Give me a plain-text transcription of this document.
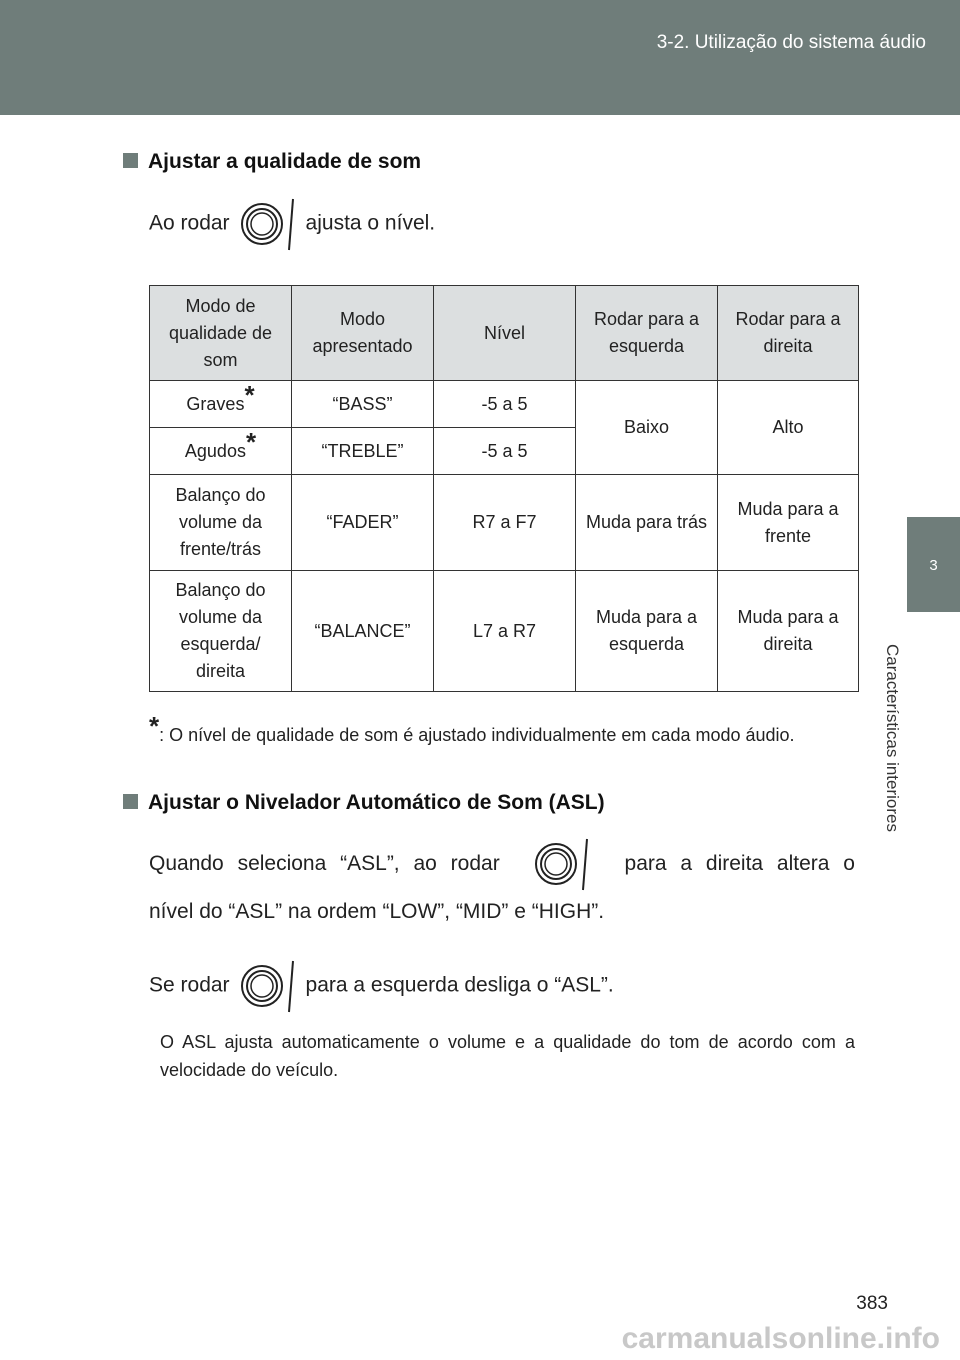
3-2. Utilização do sistema áudio
3
Características interiores
Ajustar a qualidade de som
Ao rodar	ajusta o nível.
Modo de qualidade de som	Modo apresentado	Nível	Rodar para a esquerda	Rodar para a direita
Graves*	“BASS”	-5 a 5	Baixo	Alto
Agudos*	“TREBLE”	-5 a 5		
Balanço do volume da frente/trás	“FADER”	R7 a F7	Muda para trás	Muda para a frente
Balanço do volume da esquerda/ direita	“BALANCE”	L7 a R7	Muda para a esquerda	Muda para a direita
*: O nível de qualidade de som é ajustado individualmente em cada modo áudio.
Ajustar o Nivelador Automático de Som (ASL)
Quando seleciona “ASL”, ao rodar	para a direita altera o
nível do “ASL” na ordem “LOW”, “MID” e “HIGH”.
Se rodar	para a esquerda desliga o “ASL”.
O ASL ajusta automaticamente o volume e a qualidade do tom de acordo com a velocidade do veículo.
383
carmanualsonline.info
